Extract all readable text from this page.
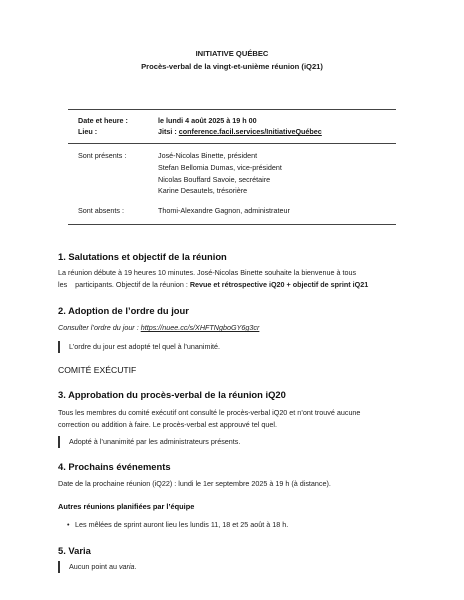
INITIATIVE QUÉBEC
Procès-verbal de la vingt-et-unième réunion (iQ21)
Date et heure :	le lundi 4 août 2025 à 19 h 00
Lieu :	Jitsi : conference.facil.services/InitiativeQuébec
Sont présents :	José-Nicolas Binette, président
Stefan Bellomia Dumas, vice-président
Nicolas Bouffard Savoie, secrétaire
Karine Desautels, trésorière
Sont absents :	Thomi-Alexandre Gagnon, administrateur
1. Salutations et objectif de la réunion
La réunion débute à 19 heures 10 minutes. José-Nicolas Binette souhaite la bienvenue à tous
les    participants. Objectif de la réunion : Revue et rétrospective iQ20 + objectif de sprint iQ21
2. Adoption de l’ordre du jour
Consulter l’ordre du jour : https://nuee.cc/s/XHFTNgboGY6g3cr
L’ordre du jour est adopté tel quel à l’unanimité.
COMITÉ EXÉCUTIF
3. Approbation du procès-verbal de la réunion iQ20
Tous les membres du comité exécutif ont consulté le procès-verbal iQ20 et n’ont trouvé aucune
correction ou addition à faire. Le procès-verbal est approuvé tel quel.
Adopté à l’unanimité par les administrateurs présents.
4. Prochains événements
Date de la prochaine réunion (iQ22) : lundi le 1er septembre 2025 à 19 h (à distance).
Autres réunions planifiées par l’équipe
• Les mêlées de sprint auront lieu les lundis 11, 18 et 25 août à 18 h.
5. Varia
Aucun point au varia.
